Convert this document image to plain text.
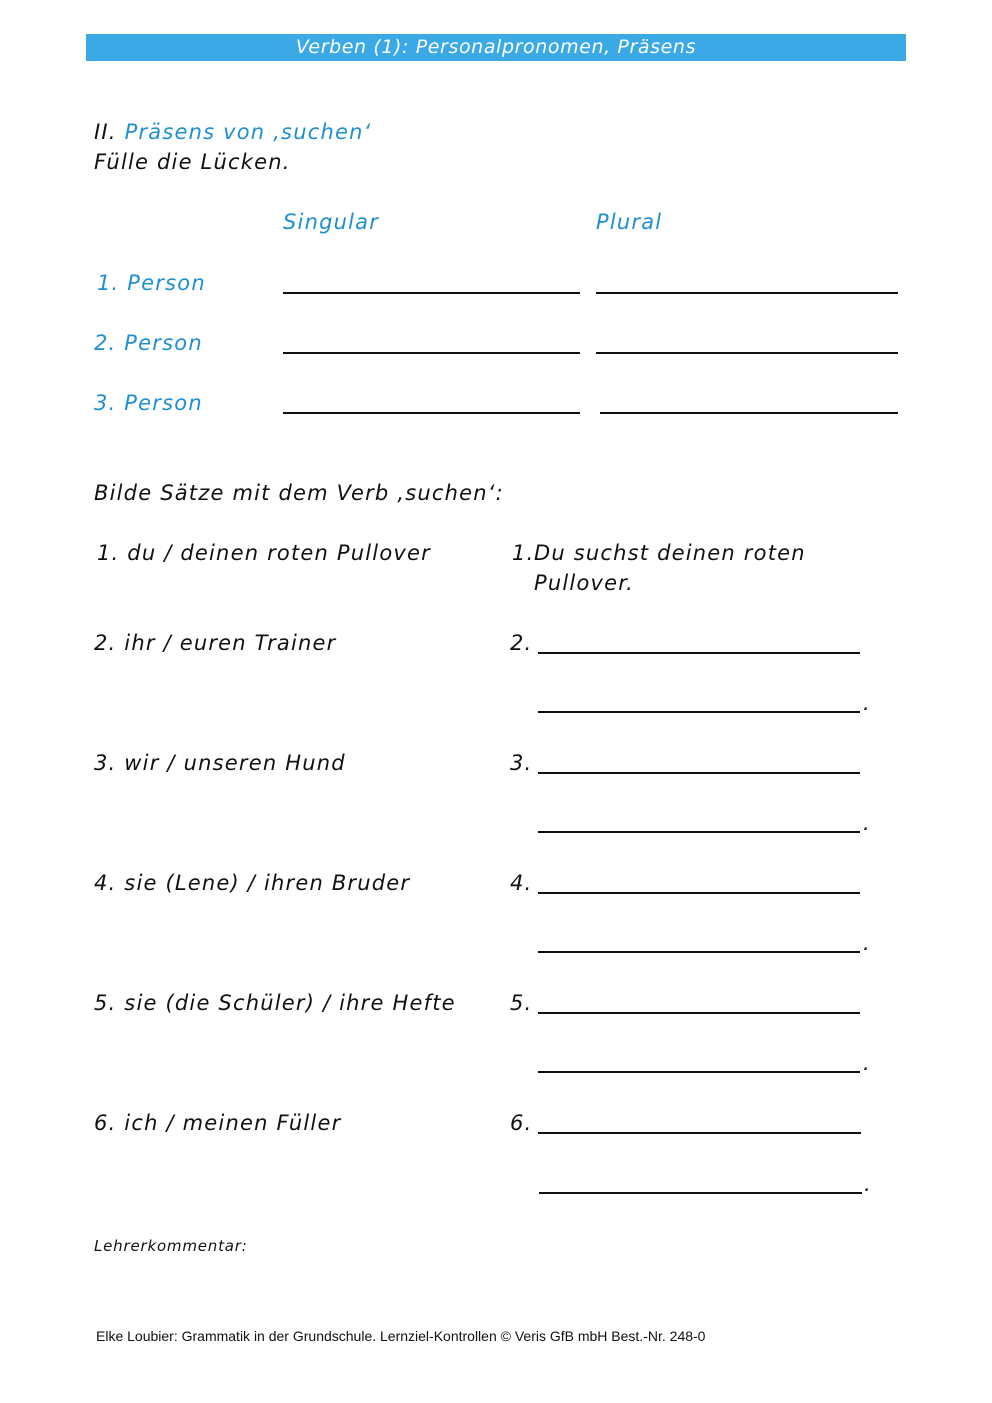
Verben (1): Personalpronomen, Präsens
II. Präsens von ‚suchen‘
Fülle die Lücken.
Singular	Plural
1. Person
2. Person
3. Person
Bilde Sätze mit dem Verb ‚suchen‘:
1. du / deinen roten Pullover	1. Du suchst deinen roten
Pullover.
2. ihr / euren Trainer	2.
.
3. wir / unseren Hund	3.
.
4. sie (Lene) / ihren Bruder	4.
.
5. sie (die Schüler) / ihre Hefte	5.
.
6. ich / meinen Füller	6.
.
Lehrerkommentar:
Elke Loubier: Grammatik in der Grundschule. Lernziel-Kontrollen © Veris GfB mbH Best.-Nr. 248-0
